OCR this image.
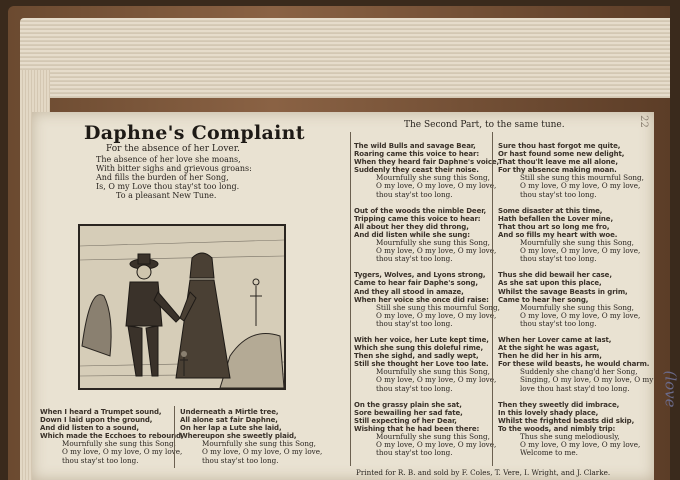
22
Daphne's Complaint
For the absence of her Lover.
The absence of her love she moans,
With bitter sighs and grievous groans:
And fills the burden of her Song,
Is, O my Love thou stay'st too long.
To a pleasant New Tune.
When I heard a Trumpet sound,
Down I laid upon the ground,
And did listen to a sound,
Which made the Ecchoes to rebound,
Mournfully she sung this Song,
O my love, O my love, O my love,
thou stay'st too long.
Underneath a Mirtle tree,
All alone sat fair Daphne,
On her lap a Lute she laid,
Whereupon she sweetly plaid,
Mournfully she sung this Song,
O my love, O my love, O my love,
thou stay'st too long.
The Second Part, to the same tune.
The wild Bulls and savage Bear,
Roaring came this voice to hear:
When they heard fair Daphne's voice,
Suddenly they ceast their noise.
Mournfully she sung this Song,
O my love, O my love, O my love,
thou stay'st too long.
Out of the woods the nimble Deer,
Tripping came this voice to hear:
All about her they did throng,
And did listen while she sung:
Mournfully she sung this Song,
O my love, O my love, O my love,
thou stay'st too long.
Tygers, Wolves, and Lyons strong,
Came to hear fair Daphe's song,
And they all stood in amaze,
When her voice she once did raise:
Still she sung this mournful Song,
O my love, O my love, O my love,
thou stay'st too long.
With her voice, her Lute kept time,
Which she sung this doleful rime,
Then she sighd, and sadly wept,
Still she thought her Love too late.
Mournfully she sung this Song,
O my love, O my love, O my love,
thou stay'st too long.
On the grassy plain she sat,
Sore bewailing her sad fate,
Still expecting of her Dear,
Wishing that he had been there:
Mournfully she sung this Song,
O my love, O my love, O my love,
thou stay'st too long.
Sure thou hast forgot me quite,
Or hast found some new delight,
That thou'lt leave me all alone,
For thy absence making moan.
Still she sung this mournful Song,
O my love, O my love, O my love,
thou stay'st too long.
Some disaster at this time,
Hath befallen the Lover mine,
That thou art so long me fro,
And so fills my heart with woe.
Mournfully she sung this Song,
O my love, O my love, O my love,
thou stay'st too long.
Thus she did bewail her case,
As she sat upon this place,
Whilst the savage Beasts in grim,
Came to hear her song,
Mournfully she sung this Song,
O my love, O my love, O my love,
thou stay'st too long.
When her Lover came at last,
At the sight he was agast,
Then he did her in his arm,
For these wild beasts, he would charm.
Suddenly she chang'd her Song,
Singing, O my love, O my love, O my
love thou hast stay'd too long.
Then they sweetly did imbrace,
In this lovely shady place,
Whilst the frighted beasts did skip,
To the woods, and nimbly trip:
Thus she sung melodiously,
O my love, O my love, O my love,
Welcome to me.
Printed for R. B. and sold by F. Coles, T. Vere, I. Wright, and J. Clarke.
(love
